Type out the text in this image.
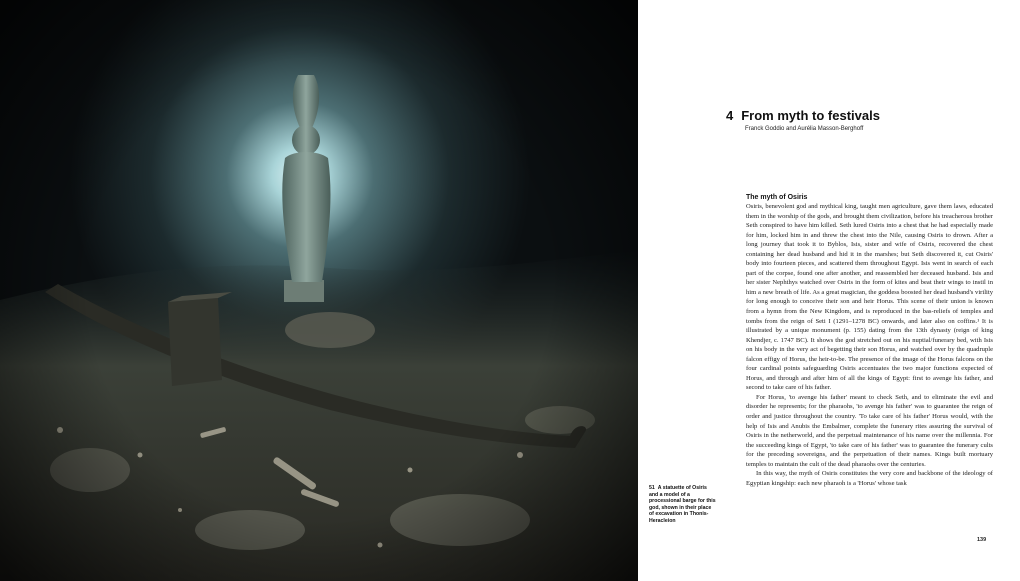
51 A statuette of Osiris and a model of a processional barge for this god, shown in their place of excavation in Thonis-Heracleion
4 From myth to festivals
Franck Goddio and Aurélia Masson-Berghoff
The myth of Osiris

Osiris, benevolent god and mythical king, taught men agriculture, gave them laws, educated them in the worship of the gods, and brought them civilization, before his treacherous brother Seth conspired to have him killed. Seth lured Osiris into a chest that he had especially made for him, locked him in and threw the chest into the Nile, causing Osiris to drown. After a long journey that took it to Byblos, Isis, sister and wife of Osiris, recovered the chest containing her dead husband and hid it in the marshes; but Seth discovered it, cut Osiris' body into fourteen pieces, and scattered them throughout Egypt. Isis went in search of each part of the corpse, found one after another, and reassembled her deceased husband. Isis and her sister Nephthys watched over Osiris in the form of kites and beat their wings to instil in him a new breath of life. As a great magician, the goddess boosted her dead husband's virility for long enough to conceive their son and heir Horus. This scene of their union is known from a hymn from the New Kingdom, and is reproduced in the bas-reliefs of temples and tombs from the reign of Seti I (1291–1278 BC) onwards, and later also on coffins.¹ It is illustrated by a unique monument (p. 155) dating from the 13th dynasty (reign of king Khendjer, c. 1747 BC). It shows the god stretched out on his nuptial/funerary bed, with Isis on his body in the very act of begetting their son Horus, and watched over by the quadruple falcon effigy of Horus, the heir-to-be. The presence of the image of the Horus falcons on the four cardinal points safeguarding Osiris accentuates the two major functions expected of Horus, and through and after him of all the kings of Egypt: first to avenge his father, and second to take care of his father.

For Horus, 'to avenge his father' meant to check Seth, and to eliminate the evil and disorder he represents; for the pharaohs, 'to avenge his father' was to guarantee the reign of order and justice throughout the country. 'To take care of his father' Horus would, with the help of Isis and Anubis the Embalmer, complete the funerary rites assuring the survival of Osiris in the netherworld, and the perpetual maintenance of his name over the millennia. For the succeeding kings of Egypt, 'to take care of his father' was to guarantee the funerary cults for the preceding sovereigns, and the perpetuation of their names. Kings built mortuary temples to maintain the cult of the dead pharaohs over the centuries.

In this way, the myth of Osiris constitutes the very core and backbone of the ideology of Egyptian kingship: each new pharaoh is a 'Horus' whose task

139
